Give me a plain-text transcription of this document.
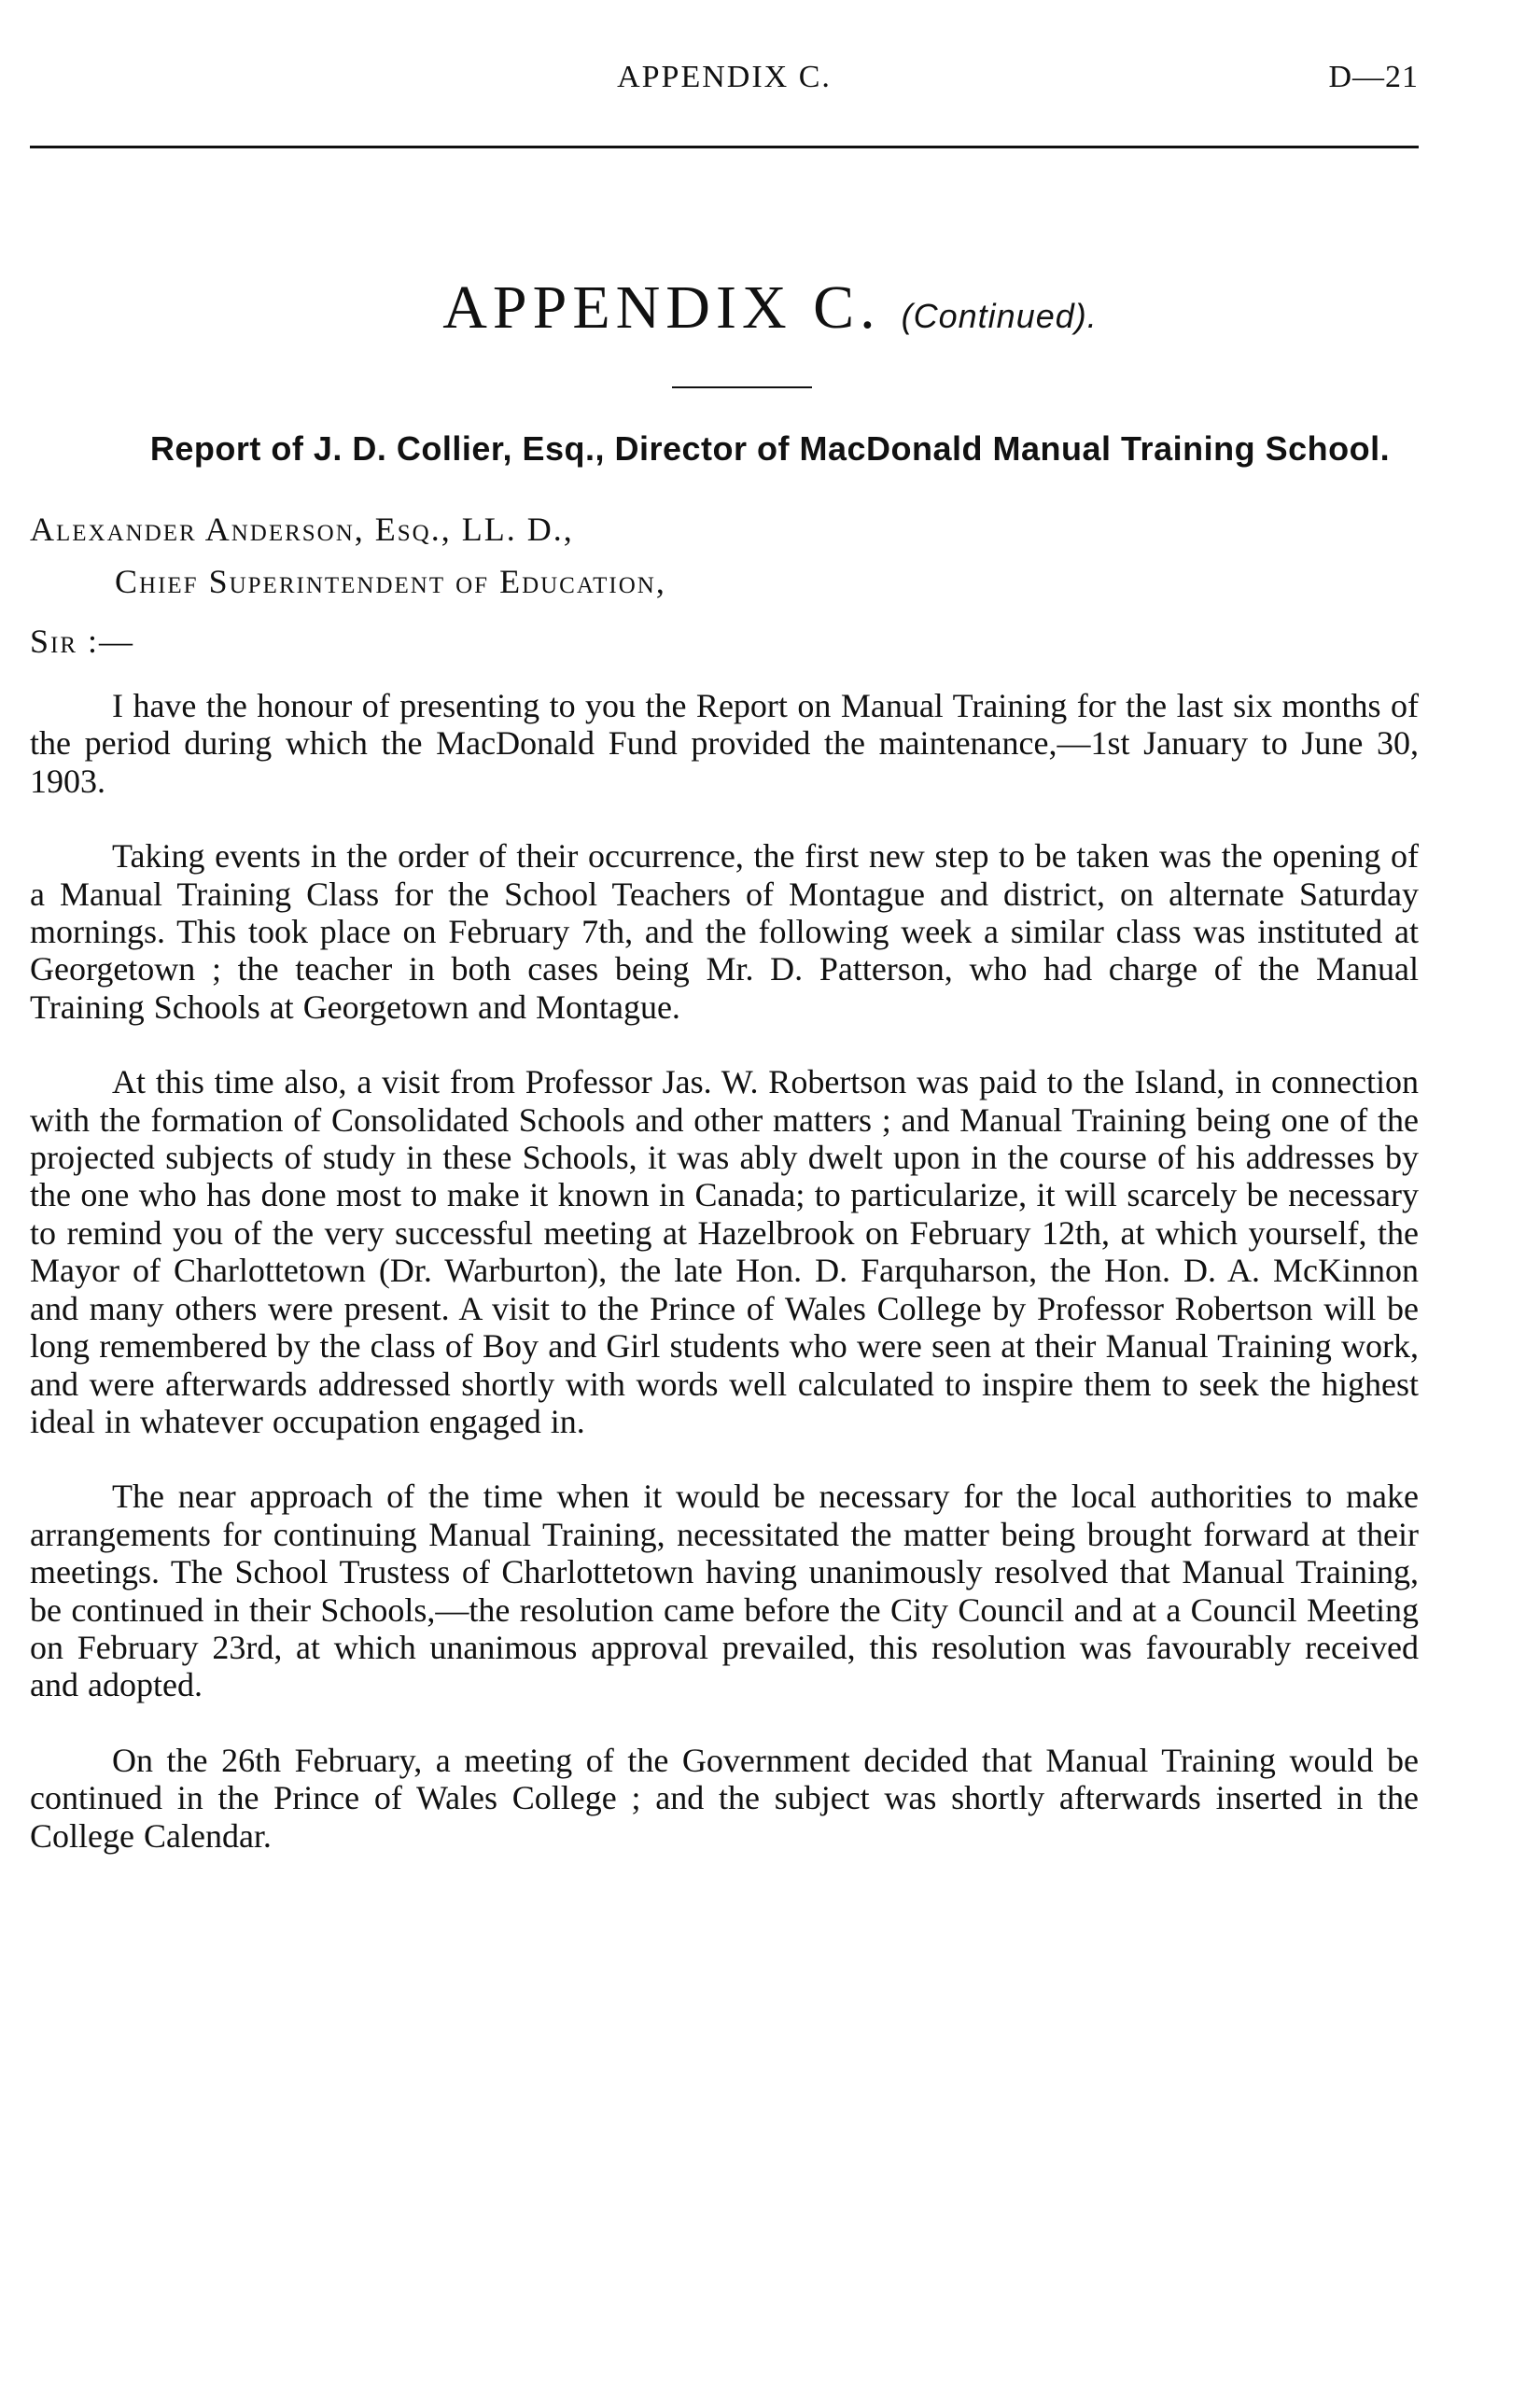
APPENDIX C.	D—21
APPENDIX C. (Continued).
Report of J. D. Collier, Esq., Director of MacDonald Manual Training School.
Alexander Anderson, Esq., LL. D.,
Chief Superintendent of Education,
Sir :—

I have the honour of presenting to you the Report on Manual Training for the last six months of the period during which the MacDonald Fund provided the maintenance,—1st January to June 30, 1903.

Taking events in the order of their occurrence, the first new step to be taken was the opening of a Manual Training Class for the School Teachers of Montague and district, on alternate Saturday mornings. This took place on February 7th, and the following week a similar class was instituted at Georgetown ; the teacher in both cases being Mr. D. Patterson, who had charge of the Manual Training Schools at Georgetown and Montague.

At this time also, a visit from Professor Jas. W. Robertson was paid to the Island, in connection with the formation of Consolidated Schools and other matters ; and Manual Training being one of the projected subjects of study in these Schools, it was ably dwelt upon in the course of his addresses by the one who has done most to make it known in Canada; to particularize, it will scarcely be necessary to remind you of the very successful meeting at Hazelbrook on February 12th, at which yourself, the Mayor of Charlottetown (Dr. Warburton), the late Hon. D. Farquharson, the Hon. D. A. McKinnon and many others were present. A visit to the Prince of Wales College by Professor Robertson will be long remembered by the class of Boy and Girl students who were seen at their Manual Training work, and were afterwards addressed shortly with words well calculated to inspire them to seek the highest ideal in whatever occupation engaged in.

The near approach of the time when it would be necessary for the local authorities to make arrangements for continuing Manual Training, necessitated the matter being brought forward at their meetings. The School Trustess of Charlottetown having unanimously resolved that Manual Training, be continued in their Schools,—the resolution came before the City Council and at a Council Meeting on February 23rd, at which unanimous approval prevailed, this resolution was favourably received and adopted.

On the 26th February, a meeting of the Government decided that Manual Training would be continued in the Prince of Wales College ; and the subject was shortly afterwards inserted in the College Calendar.
